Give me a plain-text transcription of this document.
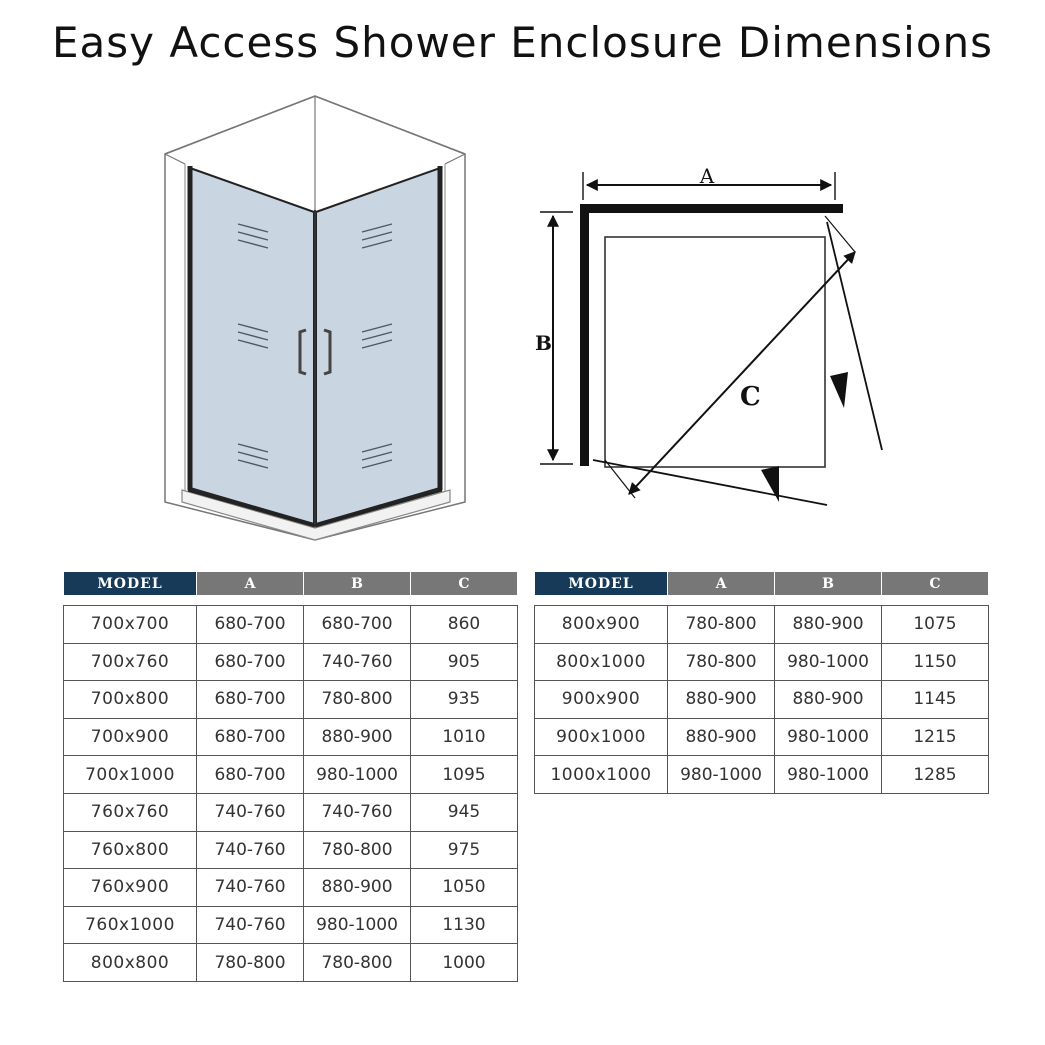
Easy Access Shower Enclosure Dimensions
A
B
C
MODEL	A	B	C

700x700	680-700	680-700	860
700x760	680-700	740-760	905
700x800	680-700	780-800	935
700x900	680-700	880-900	1010
700x1000	680-700	980-1000	1095
760x760	740-760	740-760	945
760x800	740-760	780-800	975
760x900	740-760	880-900	1050
760x1000	740-760	980-1000	1130
800x800	780-800	780-800	1000
MODEL	A	B	C

800x900	780-800	880-900	1075
800x1000	780-800	980-1000	1150
900x900	880-900	880-900	1145
900x1000	880-900	980-1000	1215
1000x1000	980-1000	980-1000	1285
